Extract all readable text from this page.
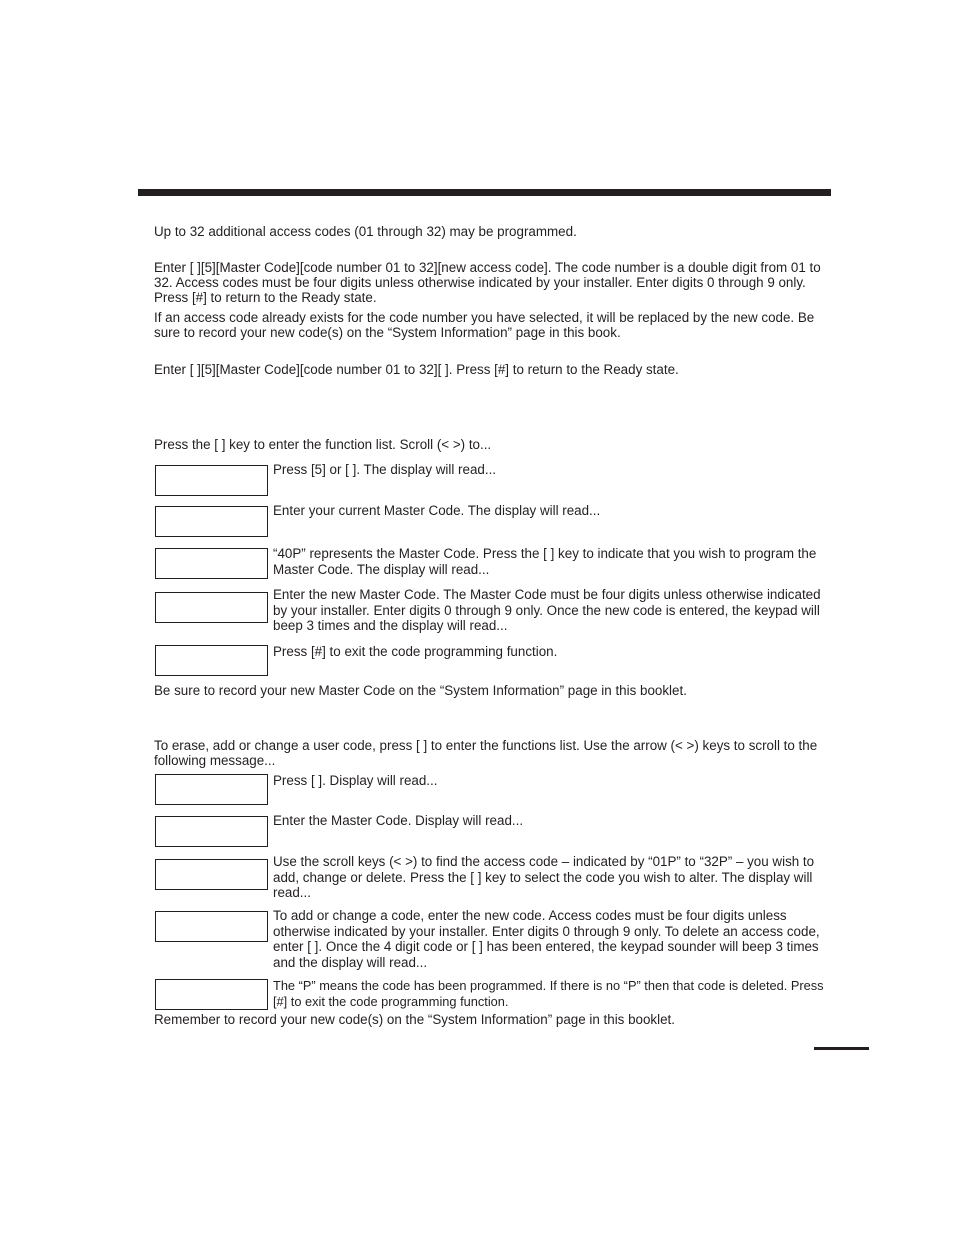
Up to 32 additional access codes (01 through 32) may be programmed.

Enter [ ][5][Master Code][code number 01 to 32][new access code]. The code number is a double digit from 01 to 32. Access codes must be four digits unless otherwise indicated by your installer. Enter digits 0 through 9 only. Press [#] to return to the Ready state.

If an access code already exists for the code number you have selected, it will be replaced by the new code. Be sure to record your new code(s) on the “System Information” page in this book.

Enter [ ][5][Master Code][code number 01 to 32][ ]. Press [#] to return to the Ready state.

Press the [ ] key to enter the function list. Scroll (< >) to...

Press [5] or [ ]. The display will read...

Enter your current Master Code. The display will read...

“40P” represents the Master Code. Press the [ ] key to indicate that you wish to program the Master Code. The display will read...

Enter the new Master Code. The Master Code must be four digits unless otherwise indicated by your installer. Enter digits 0 through 9 only. Once the new code is entered, the keypad will beep 3 times and the display will read...

Press [#] to exit the code programming function.

Be sure to record your new Master Code on the “System Information” page in this booklet.

To erase, add or change a user code, press [ ] to enter the functions list. Use the arrow (< >) keys to scroll to the following message...

Press [ ]. Display will read...

Enter the Master Code. Display will read...

Use the scroll keys (< >) to find the access code – indicated by “01P” to “32P” – you wish to add, change or delete. Press the [ ] key to select the code you wish to alter. The display will read...

To add or change a code, enter the new code. Access codes must be four digits unless otherwise indicated by your installer. Enter digits 0 through 9 only. To delete an access code, enter [ ]. Once the 4 digit code or [ ] has been entered, the keypad sounder will beep 3 times and the display will read...

The “P” means the code has been programmed. If there is no “P” then that code is deleted. Press [#] to exit the code programming function.

Remember to record your new code(s) on the “System Information” page in this booklet.
